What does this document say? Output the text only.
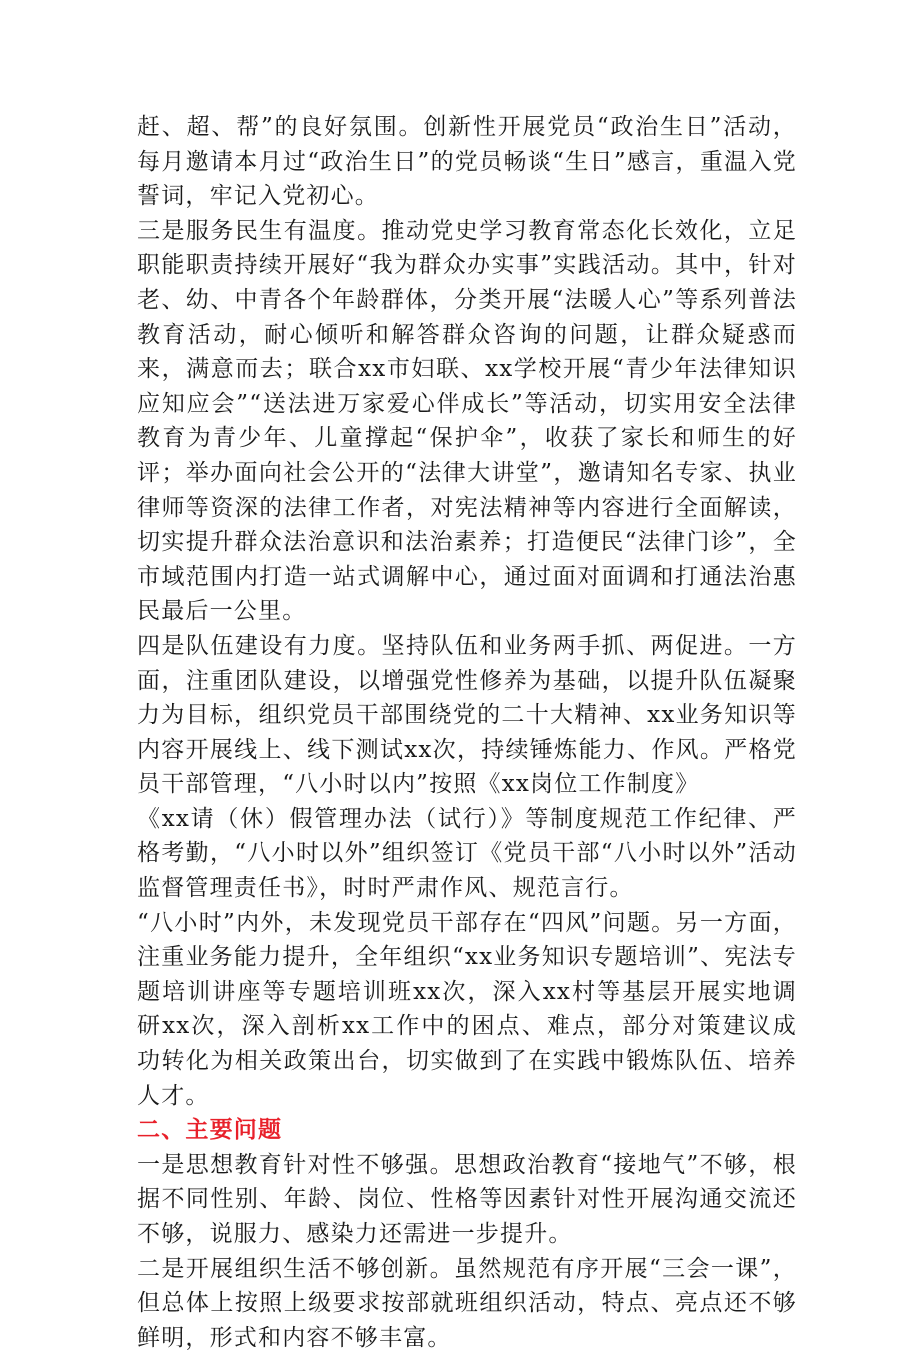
赶、超、帮”的良好氛围。创新性开展党员“政治生日”活动，每月邀请本月过“政治生日”的党员畅谈“生日”感言，重温入党誓词，牢记入党初心。

三是服务民生有温度。推动党史学习教育常态化长效化，立足职能职责持续开展好“我为群众办实事”实践活动。其中，针对老、幼、中青各个年龄群体，分类开展“法暖人心”等系列普法教育活动，耐心倾听和解答群众咨询的问题，让群众疑惑而来，满意而去；联合xx市妇联、xx学校开展“青少年法律知识应知应会”“送法进万家爱心伴成长”等活动，切实用安全法律教育为青少年、儿童撑起“保护伞”，收获了家长和师生的好评；举办面向社会公开的“法律大讲堂”，邀请知名专家、执业律师等资深的法律工作者，对宪法精神等内容进行全面解读，切实提升群众法治意识和法治素养；打造便民“法律门诊”，全市域范围内打造一站式调解中心，通过面对面调和打通法治惠民最后一公里。

四是队伍建设有力度。坚持队伍和业务两手抓、两促进。一方面，注重团队建设，以增强党性修养为基础，以提升队伍凝聚力为目标，组织党员干部围绕党的二十大精神、xx业务知识等内容开展线上、线下测试xx次，持续锤炼能力、作风。严格党员干部管理，“八小时以内”按照《xx岗位工作制度》

《xx请（休）假管理办法（试行）》等制度规范工作纪律、严格考勤，“八小时以外”组织签订《党员干部“八小时以外”活动监督管理责任书》，时时严肃作风、规范言行。

“八小时”内外，未发现党员干部存在“四风”问题。另一方面，注重业务能力提升，全年组织“xx业务知识专题培训”、宪法专题培训讲座等专题培训班xx次，深入xx村等基层开展实地调研xx次，深入剖析xx工作中的困点、难点，部分对策建议成功转化为相关政策出台，切实做到了在实践中锻炼队伍、培养人才。

二、主要问题

一是思想教育针对性不够强。思想政治教育“接地气”不够，根据不同性别、年龄、岗位、性格等因素针对性开展沟通交流还不够，说服力、感染力还需进一步提升。

二是开展组织生活不够创新。虽然规范有序开展“三会一课”，但总体上按照上级要求按部就班组织活动，特点、亮点还不够鲜明，形式和内容不够丰富。
